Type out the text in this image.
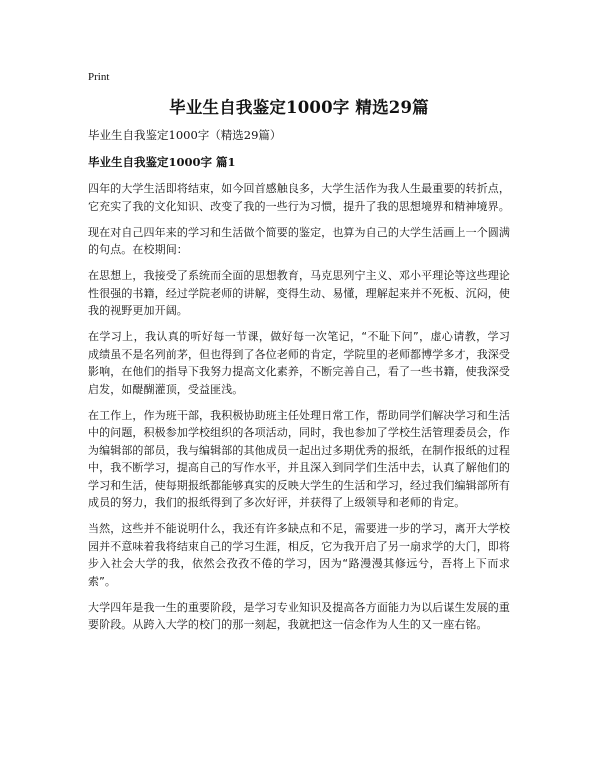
Print
毕业生自我鉴定1000字 精选29篇
毕业生自我鉴定1000字（精选29篇）
毕业生自我鉴定1000字 篇1

四年的大学生活即将结束，如今回首感触良多，大学生活作为我人生最重要的转折点，它充实了我的文化知识、改变了我的一些行为习惯，提升了我的思想境界和精神境界。

现在对自己四年来的学习和生活做个简要的鉴定，也算为自己的大学生活画上一个圆满的句点。在校期间：

在思想上，我接受了系统而全面的思想教育，马克思列宁主义、邓小平理论等这些理论性很强的书籍，经过学院老师的讲解，变得生动、易懂，理解起来并不死板、沉闷，使我的视野更加开阔。

在学习上，我认真的听好每一节课，做好每一次笔记，“不耻下问”，虚心请教，学习成绩虽不是名列前茅，但也得到了各位老师的肯定，学院里的老师都博学多才，我深受影响，在他们的指导下我努力提高文化素养，不断完善自己，看了一些书籍，使我深受启发，如醍醐灌顶，受益匪浅。

在工作上，作为班干部，我积极协助班主任处理日常工作，帮助同学们解决学习和生活中的问题，积极参加学校组织的各项活动，同时，我也参加了学校生活管理委员会，作为编辑部的部员，我与编辑部的其他成员一起出过多期优秀的报纸，在制作报纸的过程中，我不断学习，提高自己的写作水平，并且深入到同学们生活中去，认真了解他们的学习和生活，使每期报纸都能够真实的反映大学生的生活和学习，经过我们编辑部所有成员的努力，我们的报纸得到了多次好评，并获得了上级领导和老师的肯定。

当然，这些并不能说明什么，我还有许多缺点和不足，需要进一步的学习，离开大学校园并不意味着我将结束自己的学习生涯，相反，它为我开启了另一扇求学的大门，即将步入社会大学的我，依然会孜孜不倦的学习，因为“路漫漫其修远兮，吾将上下而求索”。

大学四年是我一生的重要阶段，是学习专业知识及提高各方面能力为以后谋生发展的重要阶段。从跨入大学的校门的那一刻起，我就把这一信念作为人生的又一座右铭。
